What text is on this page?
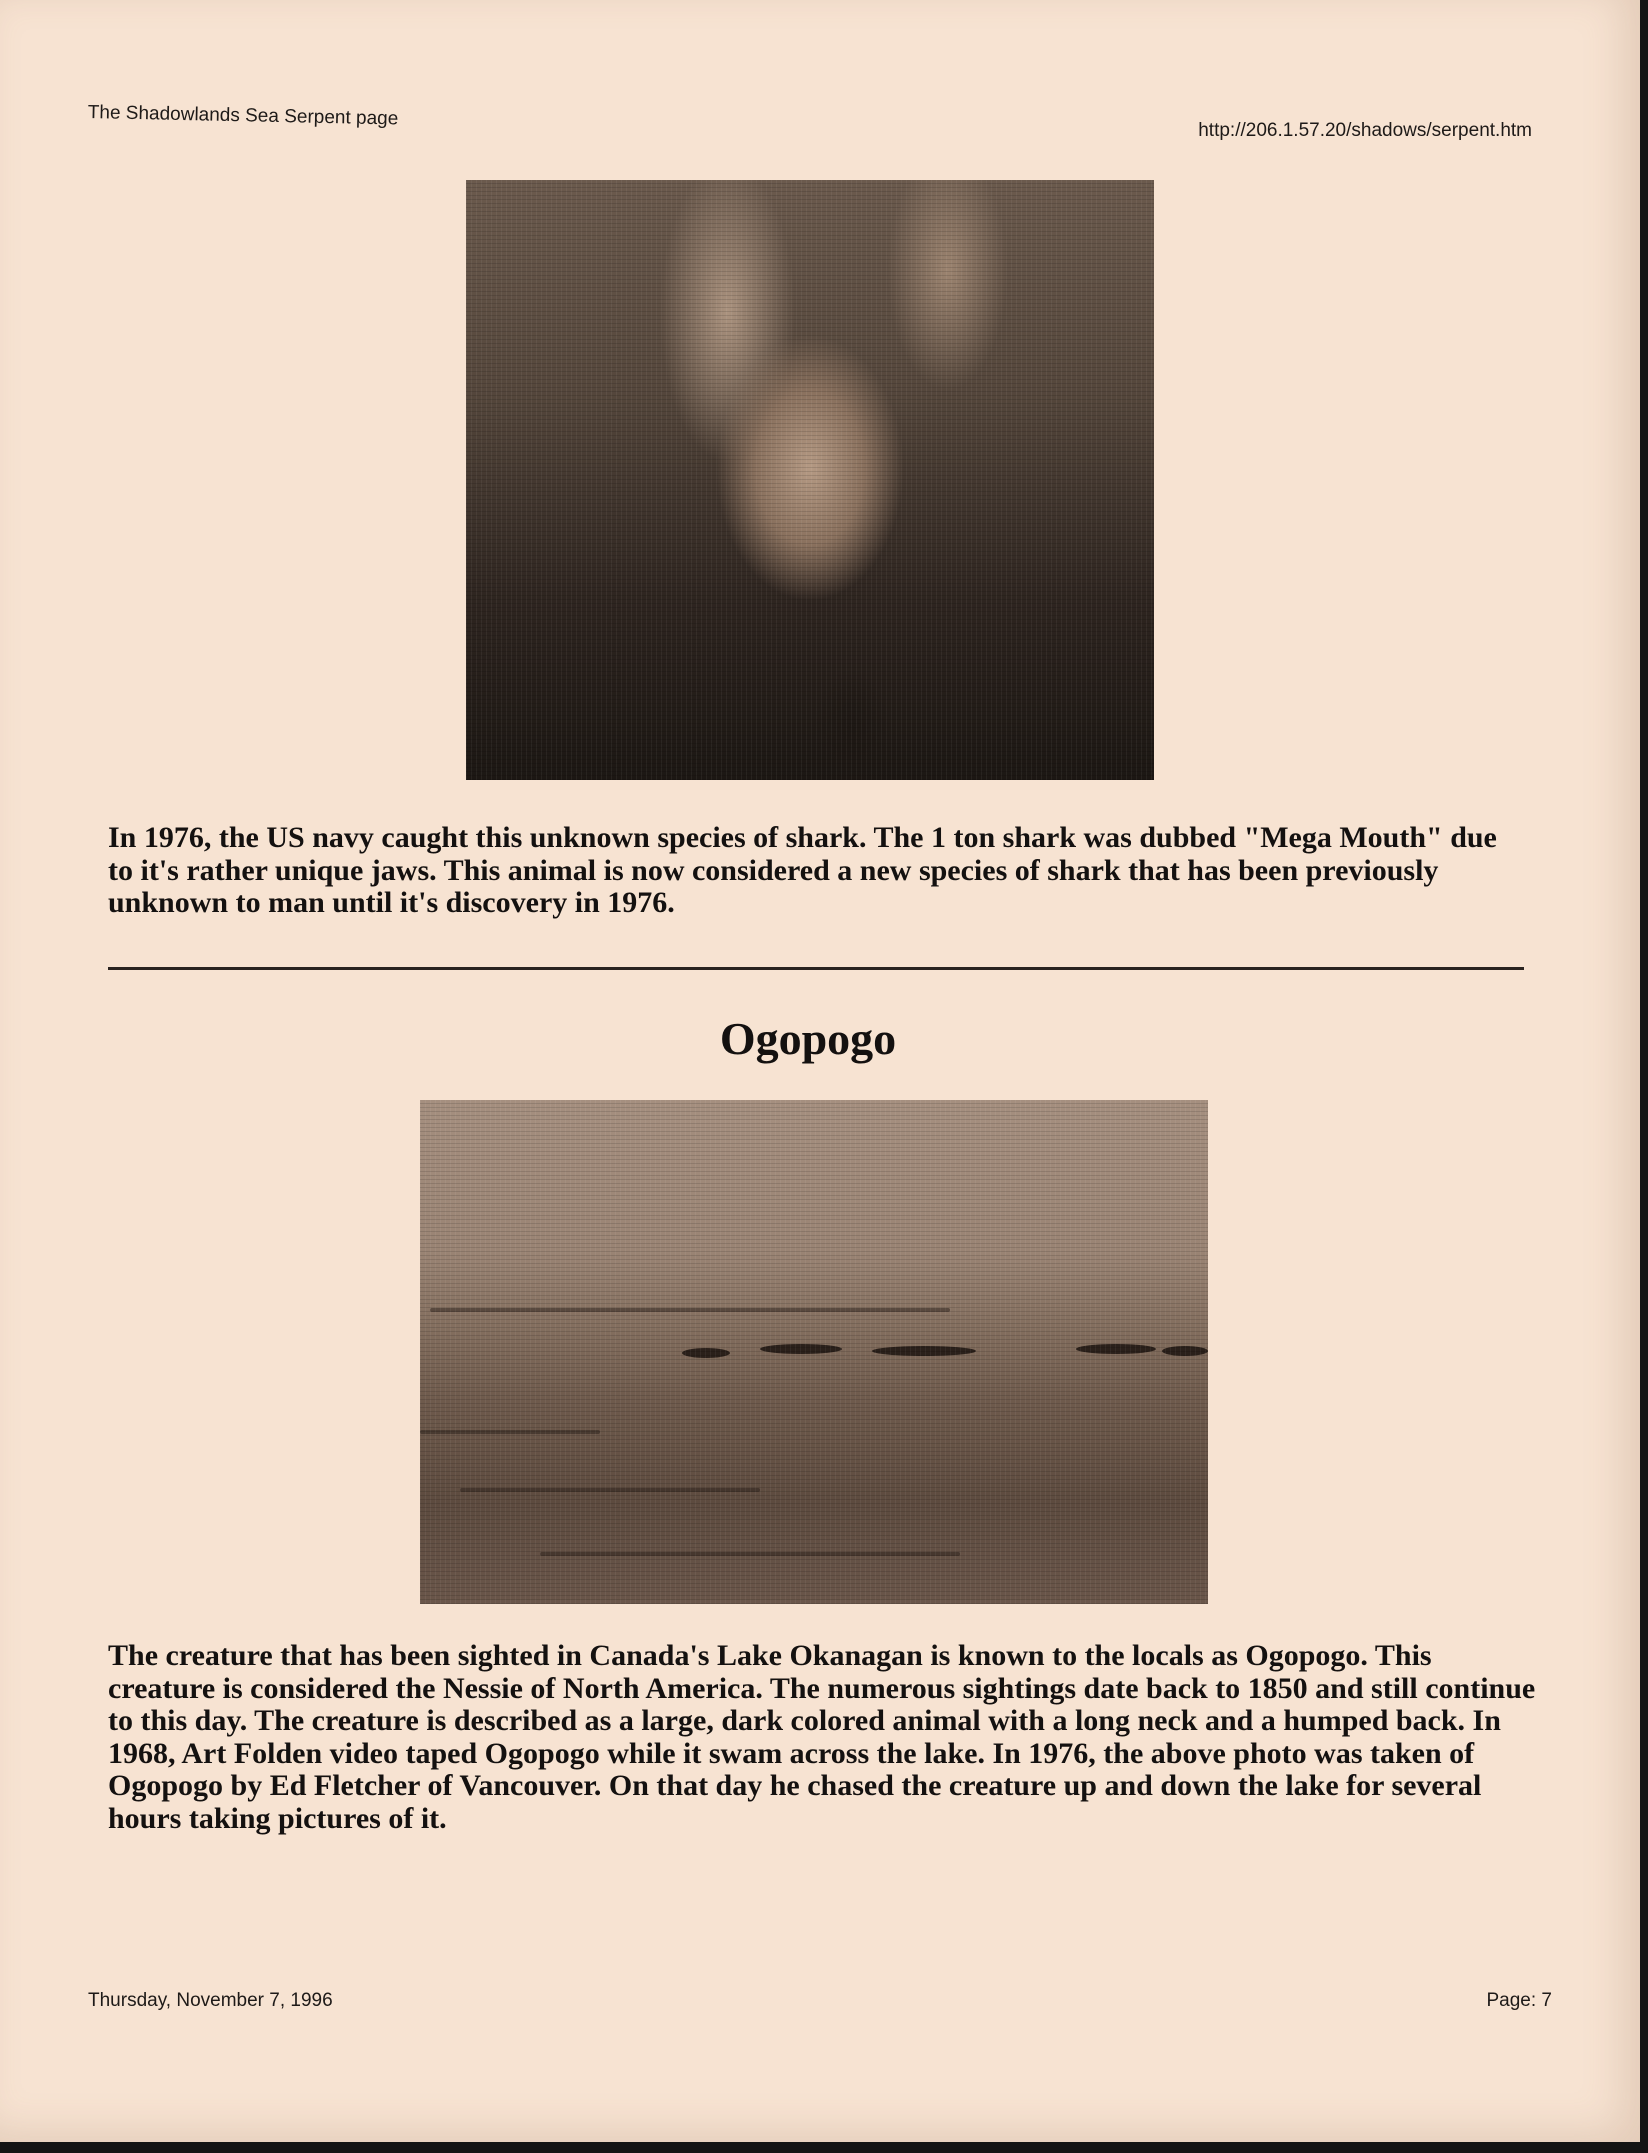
The Shadowlands Sea Serpent page
http://206.1.57.20/shadows/serpent.htm

In 1976, the US navy caught this unknown species of shark. The 1 ton shark was dubbed "Mega Mouth" due to it's rather unique jaws. This animal is now considered a new species of shark that has been previously unknown to man until it's discovery in 1976.

Ogopogo

The creature that has been sighted in Canada's Lake Okanagan is known to the locals as Ogopogo. This creature is considered the Nessie of North America. The numerous sightings date back to 1850 and still continue to this day. The creature is described as a large, dark colored animal with a long neck and a humped back. In 1968, Art Folden video taped Ogopogo while it swam across the lake. In 1976, the above photo was taken of Ogopogo by Ed Fletcher of Vancouver. On that day he chased the creature up and down the lake for several hours taking pictures of it.

Thursday, November 7, 1996	Page: 7
